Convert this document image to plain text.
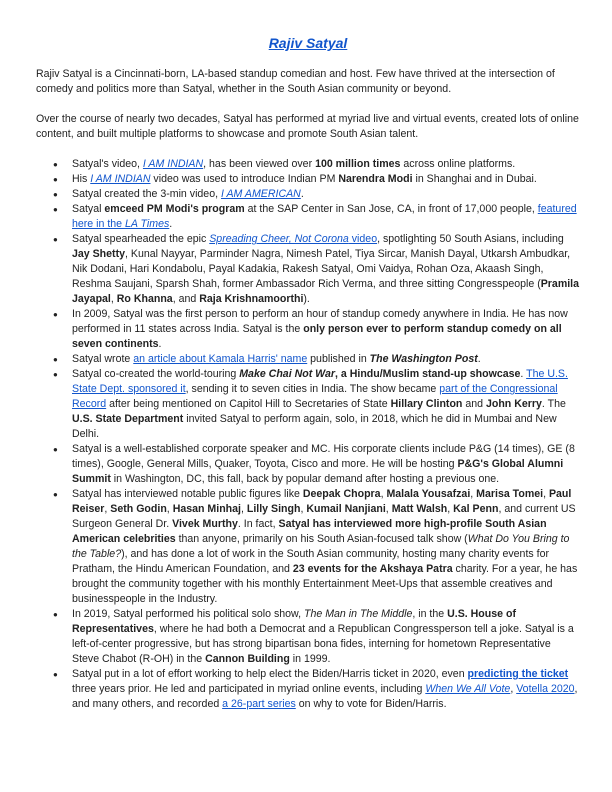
Rajiv Satyal

Rajiv Satyal is a Cincinnati-born, LA-based standup comedian and host. Few have thrived at the intersection of comedy and politics more than Satyal, whether in the South Asian community or beyond.

Over the course of nearly two decades, Satyal has performed at myriad live and virtual events, created lots of online content, and built multiple platforms to showcase and promote South Asian talent.

● Satyal's video, I AM INDIAN, has been viewed over 100 million times across online platforms.
● His I AM INDIAN video was used to introduce Indian PM Narendra Modi in Shanghai and in Dubai.
● Satyal created the 3-min video, I AM AMERICAN.
● Satyal emceed PM Modi's program at the SAP Center in San Jose, CA, in front of 17,000 people, featured here in the LA Times.
● Satyal spearheaded the epic Spreading Cheer, Not Corona video, spotlighting 50 South Asians, including Jay Shetty, Kunal Nayyar, Parminder Nagra, Nimesh Patel, Tiya Sircar, Manish Dayal, Utkarsh Ambudkar, Nik Dodani, Hari Kondabolu, Payal Kadakia, Rakesh Satyal, Omi Vaidya, Rohan Oza, Akaash Singh, Reshma Saujani, Sparsh Shah, former Ambassador Rich Verma, and three sitting Congresspeople (Pramila Jayapal, Ro Khanna, and Raja Krishnamoorthi).
● In 2009, Satyal was the first person to perform an hour of standup comedy anywhere in India. He has now performed in 11 states across India. Satyal is the only person ever to perform standup comedy on all seven continents.
● Satyal wrote an article about Kamala Harris' name published in The Washington Post.
● Satyal co-created the world-touring Make Chai Not War, a Hindu/Muslim stand-up showcase. The U.S. State Dept. sponsored it, sending it to seven cities in India. The show became part of the Congressional Record after being mentioned on Capitol Hill to Secretaries of State Hillary Clinton and John Kerry. The U.S. State Department invited Satyal to perform again, solo, in 2018, which he did in Mumbai and New Delhi.
● Satyal is a well-established corporate speaker and MC. His corporate clients include P&G (14 times), GE (8 times), Google, General Mills, Quaker, Toyota, Cisco and more. He will be hosting P&G's Global Alumni Summit in Washington, DC, this fall, back by popular demand after hosting a previous one.
● Satyal has interviewed notable public figures like Deepak Chopra, Malala Yousafzai, Marisa Tomei, Paul Reiser, Seth Godin, Hasan Minhaj, Lilly Singh, Kumail Nanjiani, Matt Walsh, Kal Penn, and current US Surgeon General Dr. Vivek Murthy. In fact, Satyal has interviewed more high-profile South Asian American celebrities than anyone, primarily on his South Asian-focused talk show (What Do You Bring to the Table?), and has done a lot of work in the South Asian community, hosting many charity events for Pratham, the Hindu American Foundation, and 23 events for the Akshaya Patra charity. For a year, he has brought the community together with his monthly Entertainment Meet-Ups that assemble creatives and businesspeople in the Industry.
● In 2019, Satyal performed his political solo show, The Man in The Middle, in the U.S. House of Representatives, where he had both a Democrat and a Republican Congressperson tell a joke. Satyal is a left-of-center progressive, but has strong bipartisan bona fides, interning for hometown Representative Steve Chabot (R-OH) in the Cannon Building in 1999.
● Satyal put in a lot of effort working to help elect the Biden/Harris ticket in 2020, even predicting the ticket three years prior. He led and participated in myriad online events, including When We All Vote, Votella 2020, and many others, and recorded a 26-part series on why to vote for Biden/Harris.
